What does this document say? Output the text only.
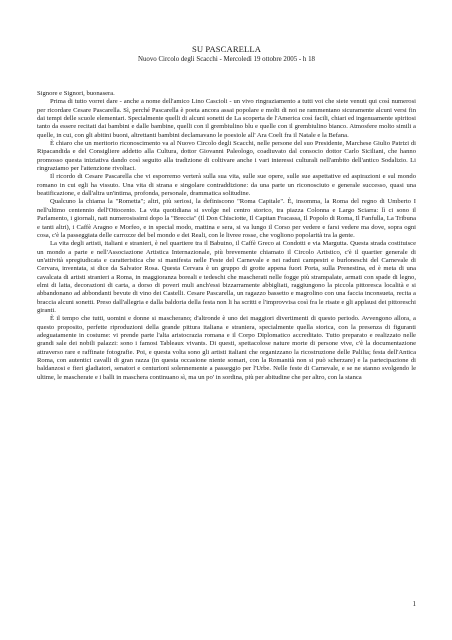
SU PASCARELLA
Nuovo Circolo degli Scacchi - Mercoledì 19 ottobre 2005 - h 18

Signore e Signori, buonasera.

Prima di tutto vorrei dare - anche a nome dell'amico Lino Cascioli - un vivo ringraziamento a tutti voi che siete venuti qui così numerosi per ricordare Cesare Pascarella. Sì, perché Pascarella è poeta ancora assai popolare e molti di noi ne rammentano sicuramente alcuni versi fin dai tempi delle scuole elementari. Specialmente quelli di alcuni sonetti de La scoperta de l'America così facili, chiari ed ingenuamente spiritosi tanto da essere recitati dai bambini e dalle bambine, quelli con il grembiulino blu e quelle con il grembiulino bianco. Atmosfere molto simili a quelle, in cui, con gli abitini buoni, altrettanti bambini declamavano le poesiole all' Ara Coeli fra il Natale e la Befana.

È chiaro che un meritorio riconoscimento va al Nuovo Circolo degli Scacchi, nelle persone del suo Presidente, Marchese Giulio Patrizi di Ripacandida e del Consigliere addetto alla Cultura, dottor Giovanni Paleologo, coadiuvato dal consocio dottor Carlo Siciliani, che hanno promosso questa iniziativa dando così seguito alla tradizione di coltivare anche i vari interessi culturali nell'ambito dell'antico Sodalizio. Li ringraziamo per l'attenzione rivoltaci.

Il ricordo di Cesare Pascarella che vi esporremo verterà sulla sua vita, sulle sue opere, sulle sue aspettative ed aspirazioni e sul mondo romano in cui egli ha vissuto. Una vita di strana e singolare contraddizione: da una parte un riconosciuto e generale successo, quasi una beatificazione, e dall'altra un'intima, profonda, personale, drammatica solitudine.

Qualcuno la chiama la "Rometta"; altri, più seriosi, la definiscono "Roma Capitale". È, insomma, la Roma del regno di Umberto I nell'ultimo centennio dell'Ottocento. La vita quotidiana si svolge nel centro storico, tra piazza Colonna e Largo Sciarra: lì ci sono il Parlamento, i giornali, nati numerosissimi dopo la "Breccia" (Il Don Chisciotte, Il Capitan Fracassa, Il Popolo di Roma, Il Fanfulla, La Tribuna e tanti altri), i Caffè Aragno e Morfeo, e in special modo, mattina e sera, si va lungo il Corso per vedere e farsi vedere ma dove, sopra ogni cosa, c'è la passeggiata delle carrozze del bel mondo e dei Reali, con le livree rosse, che vogliono popolarità tra la gente.

La vita degli artisti, italiani e stranieri, è nel quartiere tra il Babuino, il Caffè Greco ai Condotti e via Margutta. Questa strada costituisce un mondo a parte e nell'Associazione Artistica Internazionale, più brevemente chiamato il Circolo Artistico, c'è il quartier generale di un'attività spregiudicata e caratteristica che si manifesta nelle Feste del Carnevale e nei raduni campestri e burloneschi del Carnevale di Cervara, inventata, si dice da Salvator Rosa. Questa Cervara è un gruppo di grotte appena fuori Porta, sulla Prenestina, ed è meta di una cavalcata di artisti stranieri a Roma, in maggioranza boreali e tedeschi che mascherati nelle fogge più strampalate, armati con spade di legno, elmi di latta, decorazioni di carta, a dorso di poveri muli anch'essi bizzarramente abbigliati, raggiungono la piccola pittoresca località e si abbandonano ad abbondanti bevute di vino dei Castelli. Cesare Pascarella, un ragazzo bassetto e magrolino con una faccia inconsueta, recita a braccia alcuni sonetti. Preso dall'allegria e dalla baldoria della festa non li ha scritti e l'improvvisa così fra le risate e gli applausi dei pittoreschi giranti.

È il tempo che tutti, uomini e donne si mascherano; d'altronde è uno dei maggiori divertimenti di questo periodo. Avvengono allora, a questo proposito, perfette riproduzioni della grande pittura italiana e straniera, specialmente quella storica, con la presenza di figuranti adeguatamente in costume: vi prende parte l'alta aristocrazia romana e il Corpo Diplomatico accreditato. Tutto preparato e realizzato nelle grandi sale dei nobili palazzi: sono i famosi Tableaux vivants. Di questi, spettacolose nature morte di persone vive, c'è la documentazione attraverso rare e raffinate fotografie. Poi, e questa volta sono gli artisti italiani che organizzano la ricostruzione delle Palilia; festa dell'Antica Roma, con autentici cavalli di gran razza (in questa occasione niente somari, con la Romanità non si può scherzare) e la partecipazione di baldanzosi e fieri gladiatori, senatori e centurioni solennemente a passeggio per l'Urbe. Nelle feste di Carnevale, e se ne stanno svolgendo le ultime, le mascherate e i balli in maschera continuano sì, ma un po' in sordina, più per abitudine che per altro, con la stanca

1
